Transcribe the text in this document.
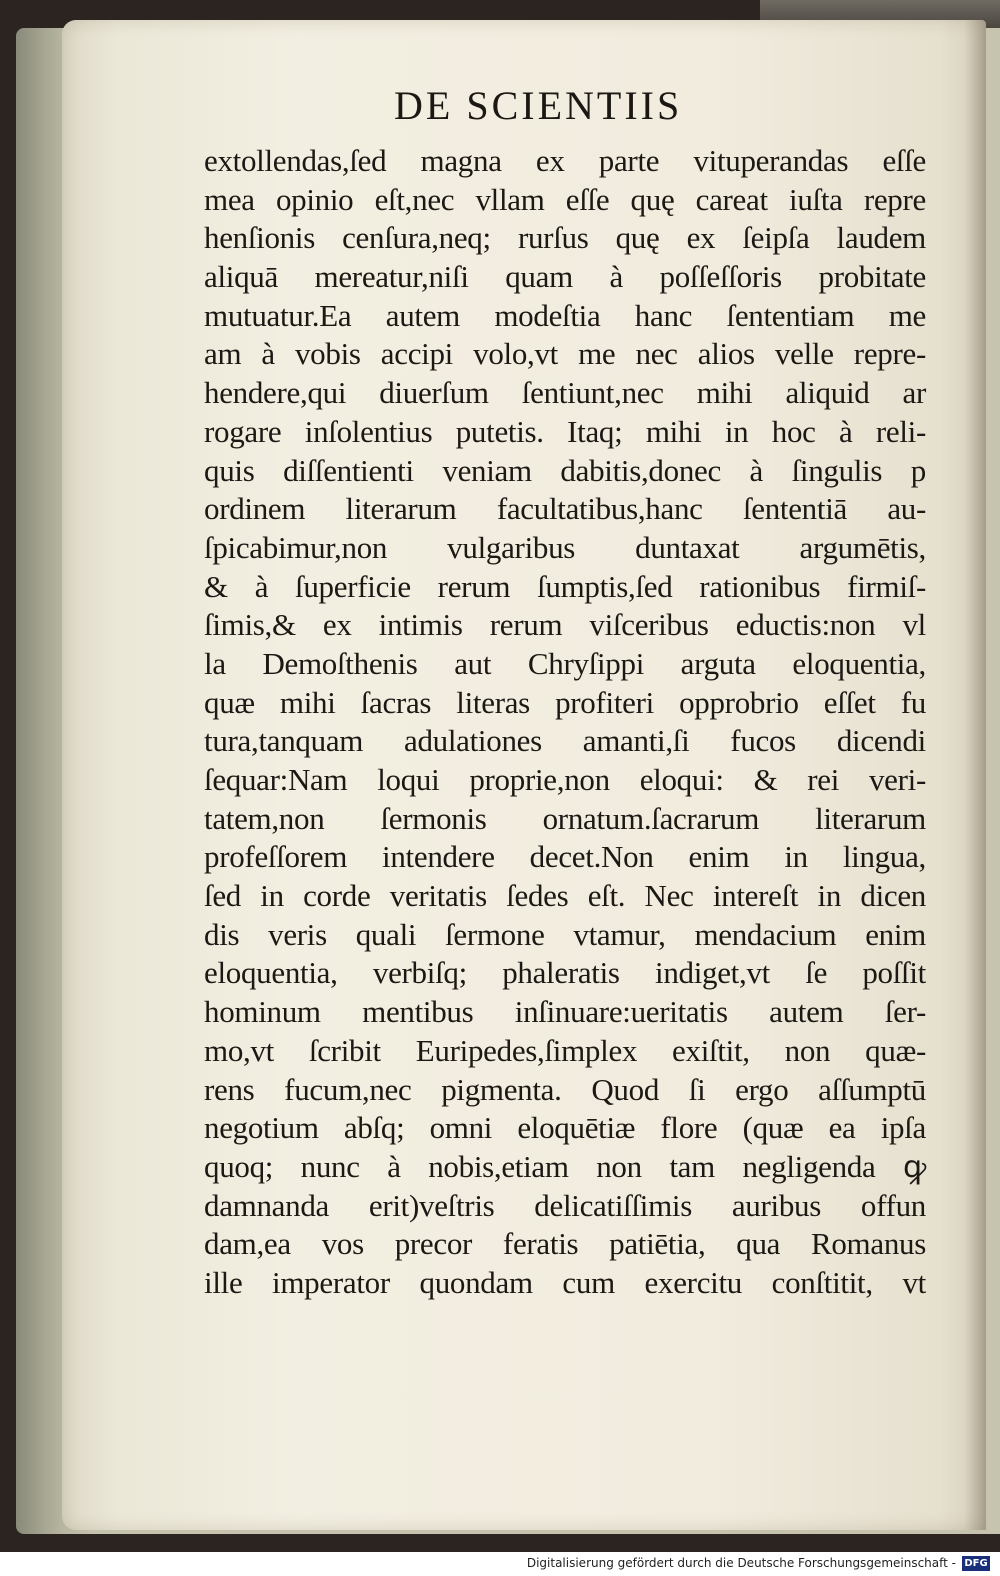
DE SCIENTIIS
extollendas,ſed magna ex parte vituperandas eſſe
mea opinio eſt,nec vllam eſſe quę careat iuſta repre
henſionis cenſura,neq; rurſus quę ex ſeipſa laudem
aliquā mereatur,niſi quam à poſſeſſoris probitate
mutuatur.Ea autem modeſtia hanc ſententiam me
am à vobis accipi volo,vt me nec alios velle repre-
hendere,qui diuerſum ſentiunt,nec mihi aliquid ar
rogare inſolentius putetis. Itaq; mihi in hoc à reli-
quis diſſentienti veniam dabitis,donec à ſingulis p
ordinem literarum facultatibus,hanc ſententiā au-
ſpicabimur,non vulgaribus duntaxat argumētis,
& à ſuperficie rerum ſumptis,ſed rationibus firmiſ-
ſimis,& ex intimis rerum viſceribus eductis:non vl
la Demoſthenis aut Chryſippi arguta eloquentia,
quæ mihi ſacras literas profiteri opprobrio eſſet fu
tura,tanquam adulationes amanti,ſi fucos dicendi
ſequar:Nam loqui proprie,non eloqui: & rei veri-
tatem,non ſermonis ornatum.ſacrarum literarum
profeſſorem intendere decet.Non enim in lingua,
ſed in corde veritatis ſedes eſt. Nec intereſt in dicen
dis veris quali ſermone vtamur, mendacium enim
eloquentia, verbiſq; phaleratis indiget,vt ſe poſſit
hominum mentibus inſinuare:ueritatis autem ſer-
mo,vt ſcribit Euripedes,ſimplex exiſtit, non quæ-
rens fucum,nec pigmenta. Quod ſi ergo aſſumptū
negotium abſq; omni eloquētiæ flore (quæ ea ipſa
quoq; nunc à nobis,etiam non tam negligenda ꝙ
damnanda erit)veſtris delicatiſſimis auribus offun
dam,ea vos precor feratis patiētia, qua Romanus
ille imperator quondam cum exercitu conſtitit, vt
Digitalisierung gefördert durch die Deutsche Forschungsgemeinschaft - DFG
